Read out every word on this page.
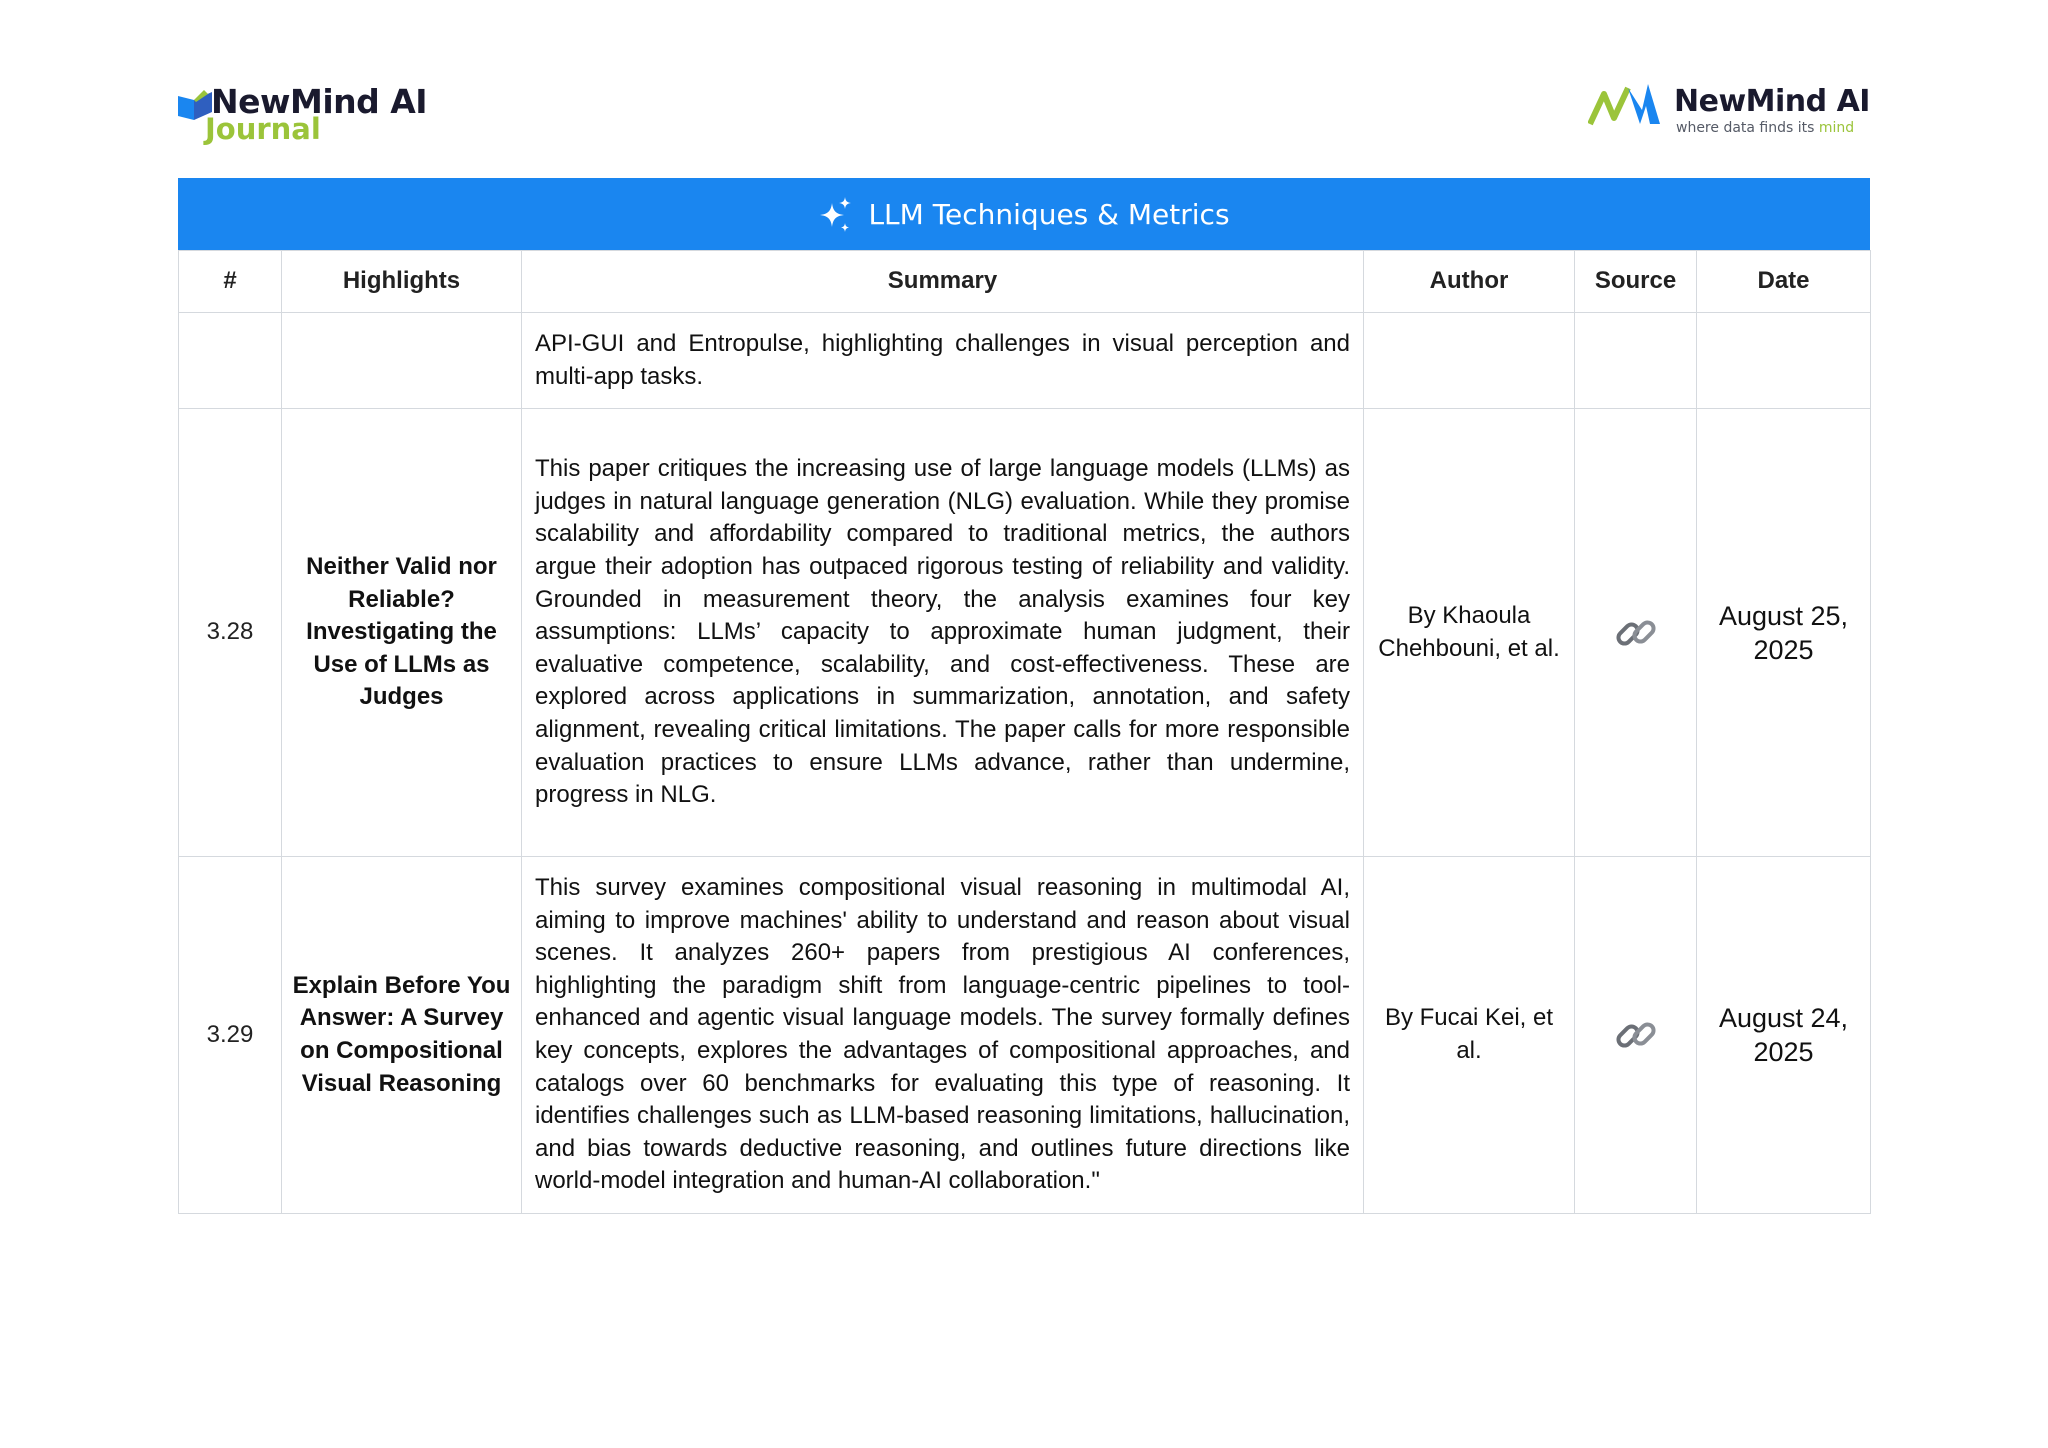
NewMind AI
Journal
NewMind AI
where data finds its mind
LLM Techniques & Metrics
#	Highlights	Summary	Author	Source	Date
		API-GUI and Entropulse, highlighting challenges in visual perception and multi-app tasks.			
3.28	Neither Valid nor Reliable? Investigating the Use of LLMs as Judges	This paper critiques the increasing use of large language models (LLMs) as judges in natural language generation (NLG) evaluation. While they promise scalability and affordability compared to traditional metrics, the authors argue their adoption has outpaced rigorous testing of reliability and validity. Grounded in measurement theory, the analysis examines four key assumptions: LLMs’ capacity to approximate human judgment, their evaluative competence, scalability, and cost-effectiveness. These are explored across applications in summarization, annotation, and safety alignment, revealing critical limitations. The paper calls for more responsible evaluation practices to ensure LLMs advance, rather than undermine, progress in NLG.	By Khaoula Chehbouni, et al.		August 25, 2025
3.29	Explain Before You Answer: A Survey on Compositional Visual Reasoning	This survey examines compositional visual reasoning in multimodal AI, aiming to improve machines' ability to understand and reason about visual scenes. It analyzes 260+ papers from prestigious AI conferences, highlighting the paradigm shift from language-centric pipelines to tool-enhanced and agentic visual language models. The survey formally defines key concepts, explores the advantages of compositional approaches, and catalogs over 60 benchmarks for evaluating this type of reasoning. It identifies challenges such as LLM-based reasoning limitations, hallucination, and bias towards deductive reasoning, and outlines future directions like world-model integration and human-AI collaboration."	By Fucai Kei, et al.		August 24, 2025
